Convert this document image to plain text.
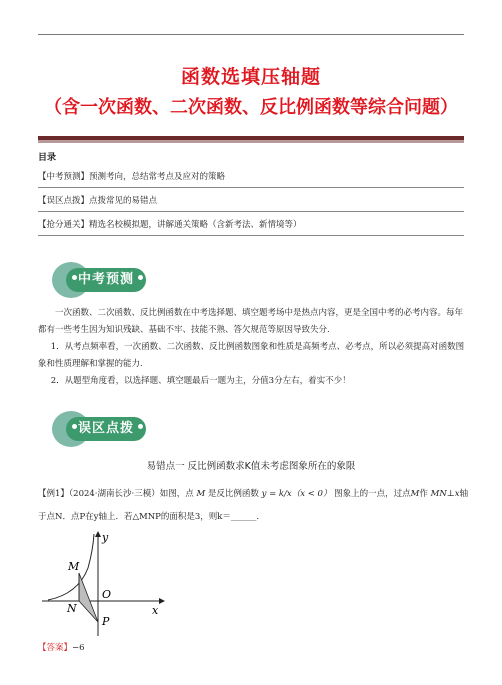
函数选填压轴题
（含一次函数、二次函数、反比例函数等综合问题）
目录
【中考预测】预测考向，总结常考点及应对的策略
【误区点拨】点拨常见的易错点
【抢分通关】精选名校模拟题，讲解通关策略（含新考法、新情境等）
中考预测
一次函数、二次函数、反比例函数在中考选择题、填空题考场中是热点内容，更是全国中考的必考内容。每年都有一些考生因为知识残缺、基础不牢、技能不熟、答欠规范等原因导致失分.
1．从考点频率看，一次函数、二次函数、反比例函数图象和性质是高频考点、必考点，所以必须提高对函数图象和性质理解和掌握的能力.
2．从题型角度看，以选择题、填空题最后一题为主，分值3分左右，着实不少！
误区点拨
易错点一 反比例函数求K值未考虑图象所在的象限
【例1】（2024·湖南长沙·三模）如图，点 M 是反比例函数 y = k/x（x < 0） 图象上的一点，过点M作 MN⊥x轴
于点N．点P在y轴上．若△MNP的面积是3，则k＝______.
M
N
O
P
y
x
【答案】−6
